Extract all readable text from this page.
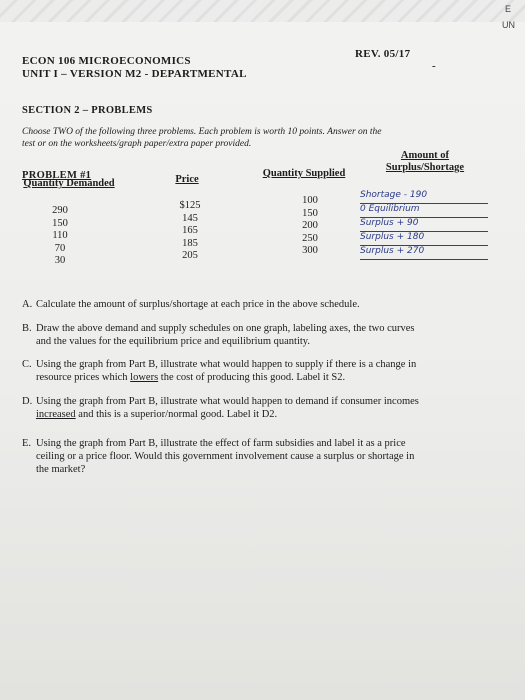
E
UN
ECON 106 MICROECONOMICS
UNIT I – VERSION M2 - DEPARTMENTAL
REV. 05/17
-
SECTION 2 – PROBLEMS
Choose TWO of the following three problems. Each problem is worth 10 points. Answer on the
test or on the worksheets/graph paper/extra paper provided.
PROBLEM #1
Quantity Demanded	Price
Quantity Supplied
Amount of
Surplus/Shortage
290
150
110
70
30
$125
145
165
185
205
100
150
200
250
300
Shortage - 190
0 Equilibrium
Surplus + 90
Surplus + 180
Surplus + 270
A. Calculate the amount of surplus/shortage at each price in the above schedule.
B. Draw the above demand and supply schedules on one graph, labeling axes, the two curves
and the values for the equilibrium price and equilibrium quantity.
C. Using the graph from Part B, illustrate what would happen to supply if there is a change in
resource prices which lowers the cost of producing this good. Label it S2.
D. Using the graph from Part B, illustrate what would happen to demand if consumer incomes
increased and this is a superior/normal good. Label it D2.
E. Using the graph from Part B, illustrate the effect of farm subsidies and label it as a price
ceiling or a price floor. Would this government involvement cause a surplus or shortage in
the market?
